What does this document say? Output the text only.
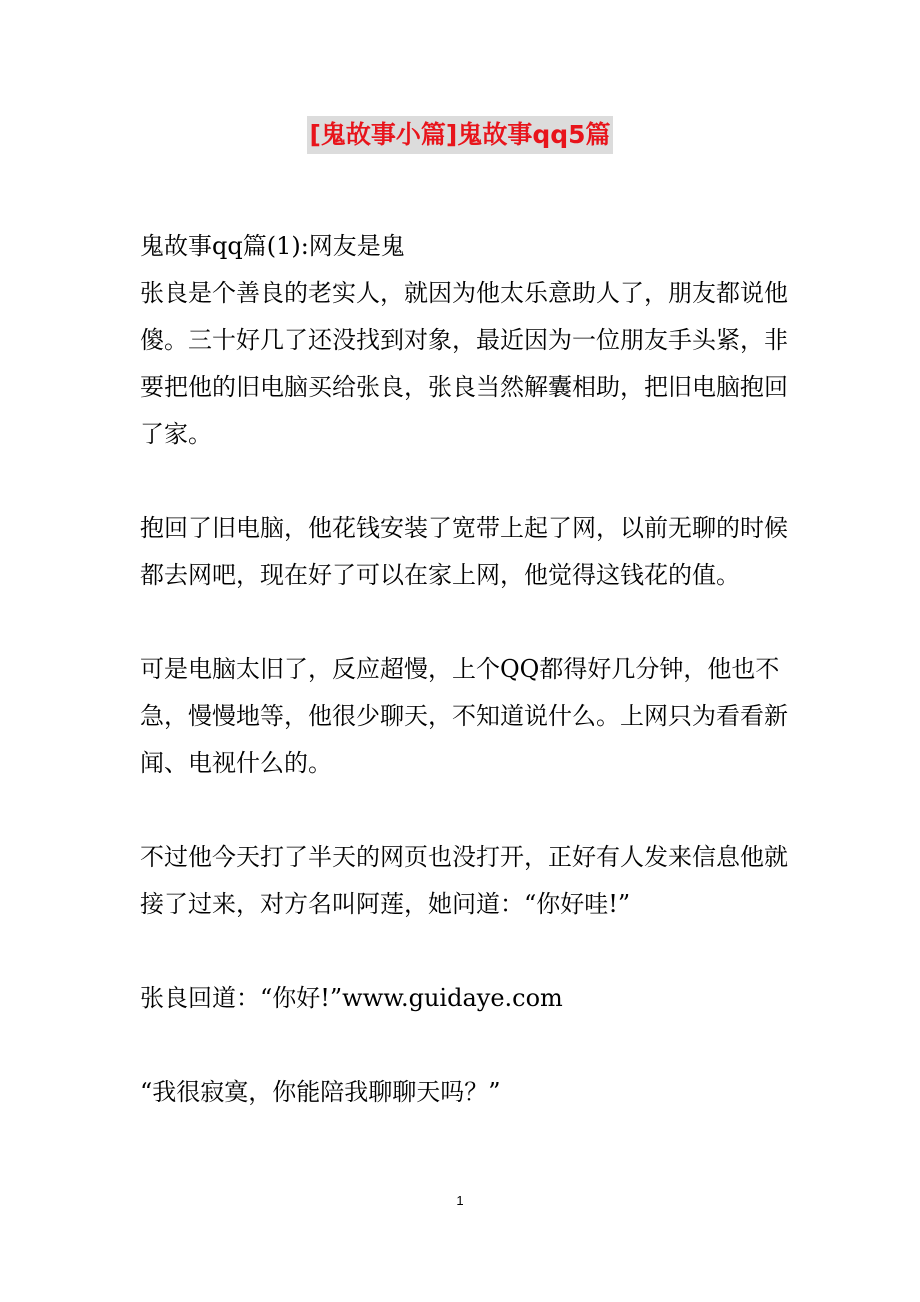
[鬼故事小篇]鬼故事qq5篇

鬼故事qq篇(1):网友是鬼

张良是个善良的老实人，就因为他太乐意助人了，朋友都说他傻。三十好几了还没找到对象，最近因为一位朋友手头紧，非要把他的旧电脑买给张良，张良当然解囊相助，把旧电脑抱回了家。

抱回了旧电脑，他花钱安装了宽带上起了网，以前无聊的时候都去网吧，现在好了可以在家上网，他觉得这钱花的值。

可是电脑太旧了，反应超慢，上个QQ都得好几分钟，他也不急，慢慢地等，他很少聊天，不知道说什么。上网只为看看新闻、电视什么的。

不过他今天打了半天的网页也没打开，正好有人发来信息他就接了过来，对方名叫阿莲，她问道：“你好哇!”

张良回道：“你好!”www.guidaye.com

“我很寂寞，你能陪我聊聊天吗？”

1
